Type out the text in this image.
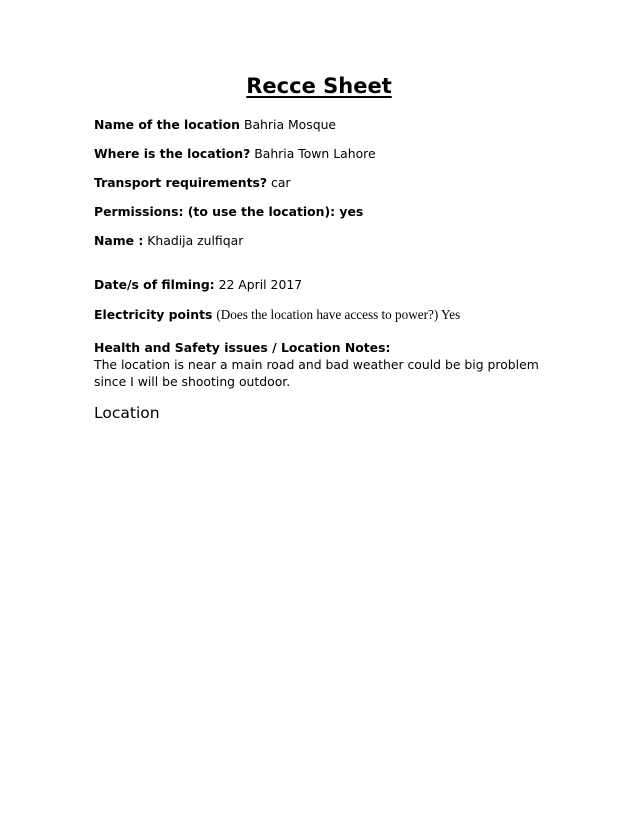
Recce Sheet
Name of the location Bahria Mosque
Where is the location? Bahria Town Lahore
Transport requirements? car
Permissions: (to use the location): yes
Name : Khadija zulfiqar
Date/s of filming: 22 April 2017
Electricity points (Does the location have access to power?) Yes
Health and Safety issues / Location Notes:
The location is near a main road and bad weather could be big problem since I will be shooting outdoor.
Location
